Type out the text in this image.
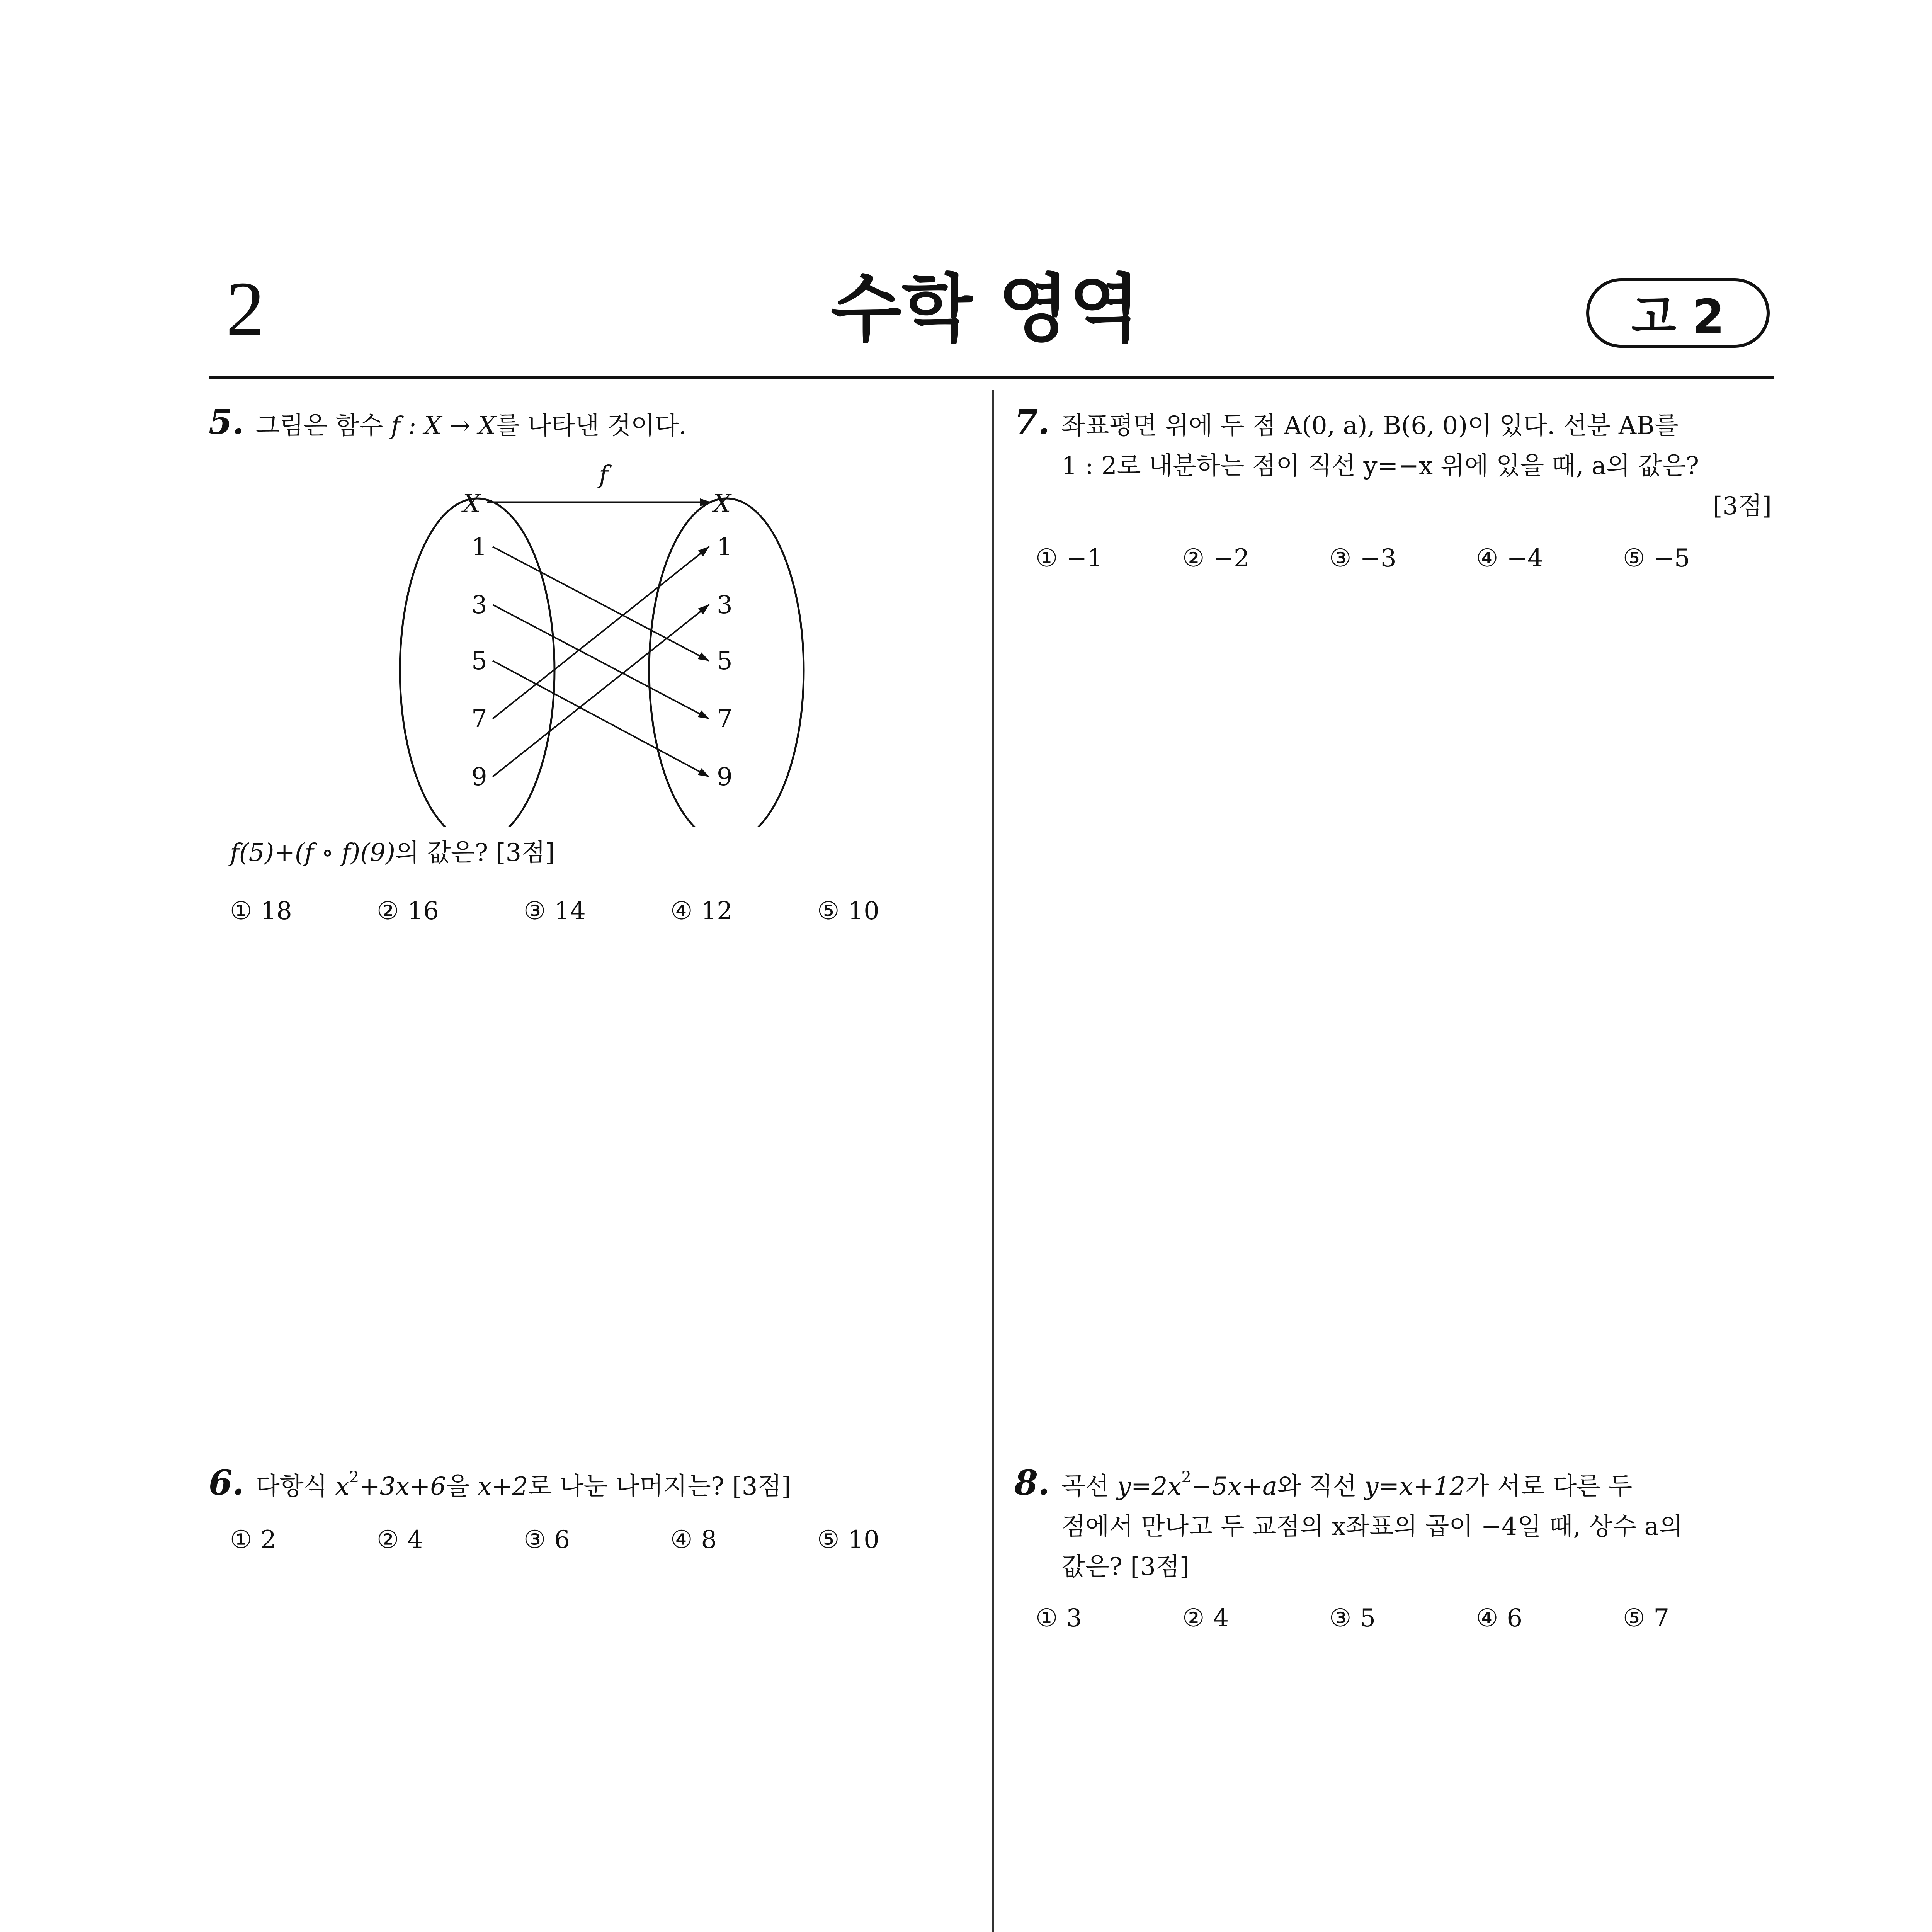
2	수학 영역	고 2
5. 그림은 함수 f : X → X를 나타낸 것이다.
f
X	X
1
3
5
7
9
1
3
5
7
9
f(5)+(f ∘ f)(9)의 값은? [3점]
① 18	② 16	③ 14	④ 12	⑤ 10
7. 좌표평면 위에 두 점 A(0, a), B(6, 0)이 있다. 선분 AB를
1 : 2로 내분하는 점이 직선 y=−x 위에 있을 때, a의 값은?
[3점]
① −1	② −2	③ −3	④ −4	⑤ −5
6. 다항식 $x^2+3x+6$을 x+2로 나눈 나머지는? [3점]
① 2	② 4	③ 6	④ 8	⑤ 10
8. 곡선 $y=2x^2-5x+a$와 직선 y=x+12가 서로 다른 두
점에서 만나고 두 교점의 x좌표의 곱이 −4일 때, 상수 a의
값은? [3점]
① 3	② 4	③ 5	④ 6	⑤ 7
